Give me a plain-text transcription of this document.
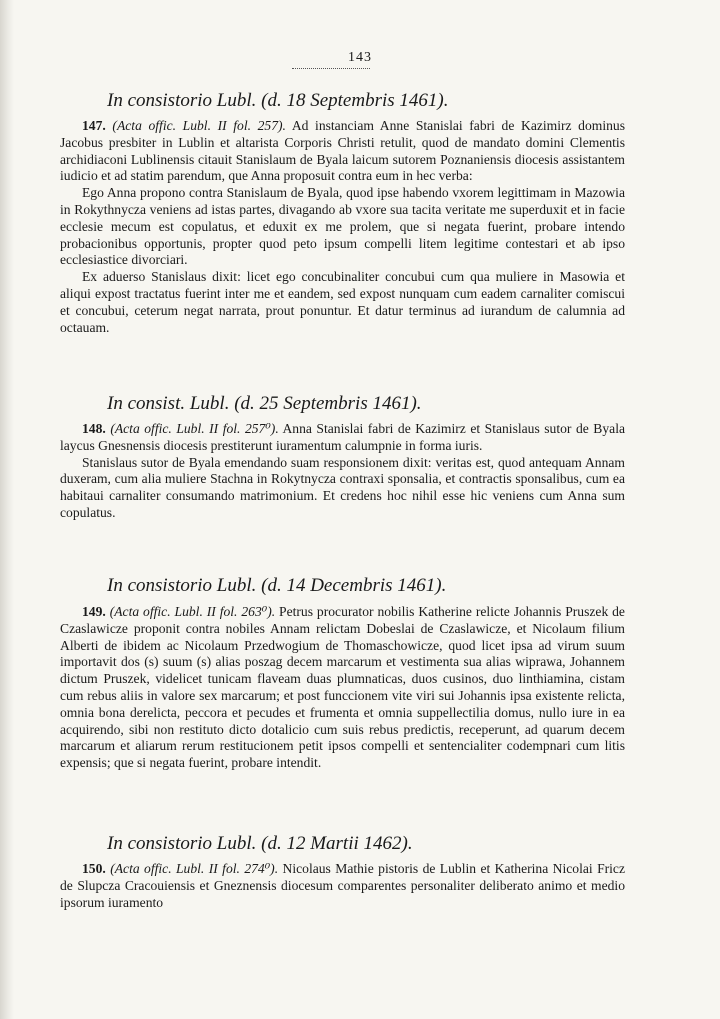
143
In consistorio Lubl. (d. 18 Septembris 1461).

147. (Acta offic. Lubl. II fol. 257). Ad instanciam Anne Stanislai fabri de Kazimirz dominus Jacobus presbiter in Lublin et altarista Corporis Christi retulit, quod de mandato domini Clementis archidiaconi Lublinensis citauit Stanislaum de Byala laicum sutorem Poznaniensis diocesis assistantem iudicio et ad statim parendum, que Anna proposuit contra eum in hec verba:

Ego Anna propono contra Stanislaum de Byala, quod ipse habendo vxorem legittimam in Mazowia in Rokythnycza veniens ad istas partes, divagando ab vxore sua tacita veritate me superduxit et in facie ecclesie mecum est copulatus, et eduxit ex me prolem, que si negata fuerint, probare intendo probacionibus opportunis, propter quod peto ipsum compelli litem legitime contestari et ab ipso ecclesiastice divorciari.

Ex aduerso Stanislaus dixit: licet ego concubinaliter concubui cum qua muliere in Masowia et aliqui expost tractatus fuerint inter me et eandem, sed expost nunquam cum eadem carnaliter comiscui et concubui, ceterum negat narrata, prout ponuntur. Et datur terminus ad iurandum de calumnia ad octauam.

In consist. Lubl. (d. 25 Septembris 1461).

148. (Acta offic. Lubl. II fol. 257⁰). Anna Stanislai fabri de Kazimirz et Stanislaus sutor de Byala laycus Gnesnensis diocesis prestiterunt iuramentum calumpnie in forma iuris.

Stanislaus sutor de Byala emendando suam responsionem dixit: veritas est, quod antequam Annam duxeram, cum alia muliere Stachna in Rokytnycza contraxi sponsalia, et contractis sponsalibus, cum ea habitaui carnaliter consumando matrimonium. Et credens hoc nihil esse hic veniens cum Anna sum copulatus.

In consistorio Lubl. (d. 14 Decembris 1461).

149. (Acta offic. Lubl. II fol. 263⁰). Petrus procurator nobilis Katherine relicte Johannis Pruszek de Czaslawicze proponit contra nobiles Annam relictam Dobeslai de Czaslawicze, et Nicolaum filium Alberti de ibidem ac Nicolaum Przedwogium de Thomaschowicze, quod licet ipsa ad virum suum importavit dos (s) suum (s) alias poszag decem marcarum et vestimenta sua alias wiprawa, Johannem dictum Pruszek, videlicet tunicam flaveam duas plumnaticas, duos cusinos, duo linthiamina, cistam cum rebus aliis in valore sex marcarum; et post funccionem vite viri sui Johannis ipsa existente relicta, omnia bona derelicta, peccora et pecudes et frumenta et omnia suppellectilia domus, nullo iure in ea acquirendo, sibi non restituto dicto dotalicio cum suis rebus predictis, receperunt, ad quarum decem marcarum et aliarum rerum restitucionem petit ipsos compelli et sentencialiter codempnari cum litis expensis; que si negata fuerint, probare intendit.

In consistorio Lubl. (d. 12 Martii 1462).

150. (Acta offic. Lubl. II fol. 274⁰). Nicolaus Mathie pistoris de Lublin et Katherina Nicolai Fricz de Slupcza Cracouiensis et Gneznensis diocesum comparentes personaliter deliberato animo et medio ipsorum iuramento
